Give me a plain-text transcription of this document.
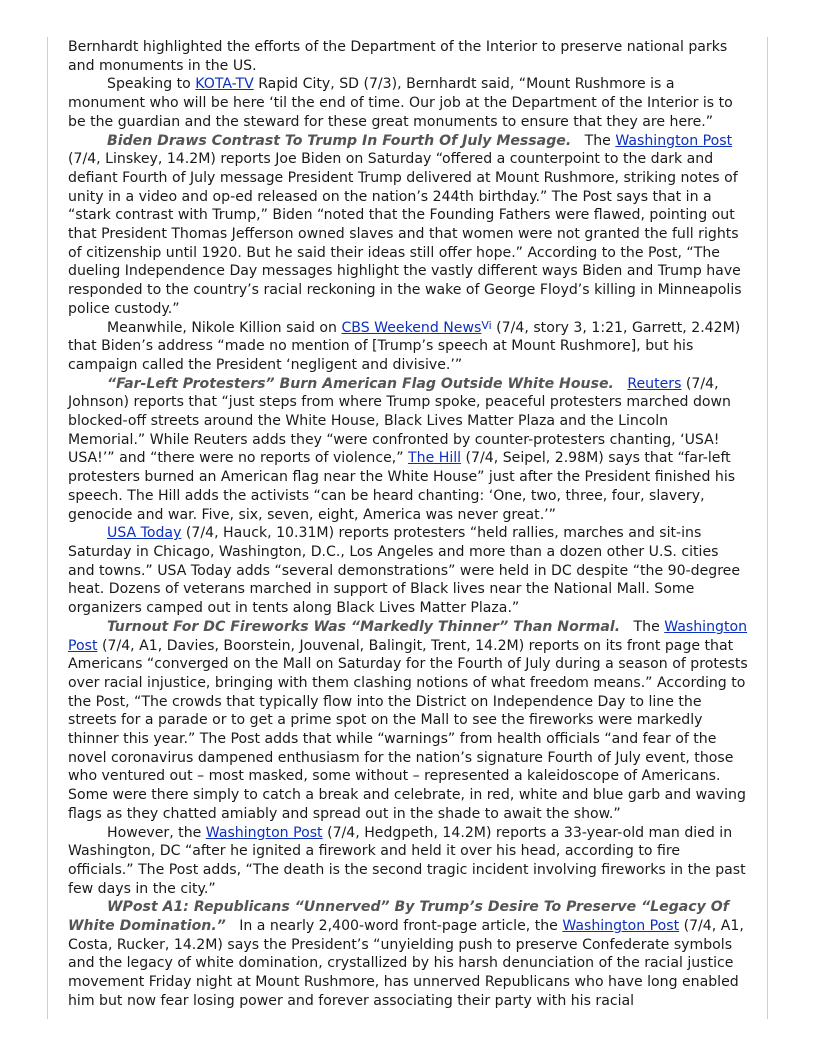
Bernhardt highlighted the efforts of the Department of the Interior to preserve national parks and monuments in the US.

Speaking to KOTA-TV Rapid City, SD (7/3), Bernhardt said, “Mount Rushmore is a monument who will be here ‘til the end of time. Our job at the Department of the Interior is to be the guardian and the steward for these great monuments to ensure that they are here.”

Biden Draws Contrast To Trump In Fourth Of July Message.   The Washington Post (7/4, Linskey, 14.2M) reports Joe Biden on Saturday “offered a counterpoint to the dark and defiant Fourth of July message President Trump delivered at Mount Rushmore, striking notes of unity in a video and op-ed released on the nation’s 244th birthday.” The Post says that in a “stark contrast with Trump,” Biden “noted that the Founding Fathers were flawed, pointing out that President Thomas Jefferson owned slaves and that women were not granted the full rights of citizenship until 1920. But he said their ideas still offer hope.” According to the Post, “The dueling Independence Day messages highlight the vastly different ways Biden and Trump have responded to the country’s racial reckoning in the wake of George Floyd’s killing in Minneapolis police custody.”

Meanwhile, Nikole Killion said on CBS Weekend News$^{Vi}$ (7/4, story 3, 1:21, Garrett, 2.42M) that Biden’s address “made no mention of [Trump’s speech at Mount Rushmore], but his campaign called the President ‘negligent and divisive.’”

“Far-Left Protesters” Burn American Flag Outside White House. Reuters (7/4, Johnson) reports that “just steps from where Trump spoke, peaceful protesters marched down blocked-off streets around the White House, Black Lives Matter Plaza and the Lincoln Memorial.” While Reuters adds they “were confronted by counter-protesters chanting, ‘USA! USA!’” and “there were no reports of violence,” The Hill (7/4, Seipel, 2.98M) says that “far-left protesters burned an American flag near the White House” just after the President finished his speech. The Hill adds the activists “can be heard chanting: ‘One, two, three, four, slavery, genocide and war. Five, six, seven, eight, America was never great.’”

USA Today (7/4, Hauck, 10.31M) reports protesters “held rallies, marches and sit-ins Saturday in Chicago, Washington, D.C., Los Angeles and more than a dozen other U.S. cities and towns.” USA Today adds “several demonstrations” were held in DC despite “the 90-degree heat. Dozens of veterans marched in support of Black lives near the National Mall. Some organizers camped out in tents along Black Lives Matter Plaza.”

Turnout For DC Fireworks Was “Markedly Thinner” Than Normal.   The Washington Post (7/4, A1, Davies, Boorstein, Jouvenal, Balingit, Trent, 14.2M) reports on its front page that Americans “converged on the Mall on Saturday for the Fourth of July during a season of protests over racial injustice, bringing with them clashing notions of what freedom means.” According to the Post, “The crowds that typically flow into the District on Independence Day to line the streets for a parade or to get a prime spot on the Mall to see the fireworks were markedly thinner this year.” The Post adds that while “warnings” from health officials “and fear of the novel coronavirus dampened enthusiasm for the nation’s signature Fourth of July event, those who ventured out – most masked, some without – represented a kaleidoscope of Americans. Some were there simply to catch a break and celebrate, in red, white and blue garb and waving flags as they chatted amiably and spread out in the shade to await the show.”

However, the Washington Post (7/4, Hedgpeth, 14.2M) reports a 33-year-old man died in Washington, DC “after he ignited a firework and held it over his head, according to fire officials.” The Post adds, “The death is the second tragic incident involving fireworks in the past few days in the city.”

WPost A1: Republicans “Unnerved” By Trump’s Desire To Preserve “Legacy Of White Domination.”   In a nearly 2,400-word front-page article, the Washington Post (7/4, A1, Costa, Rucker, 14.2M) says the President’s “unyielding push to preserve Confederate symbols and the legacy of white domination, crystallized by his harsh denunciation of the racial justice movement Friday night at Mount Rushmore, has unnerved Republicans who have long enabled him but now fear losing power and forever associating their party with his racial
